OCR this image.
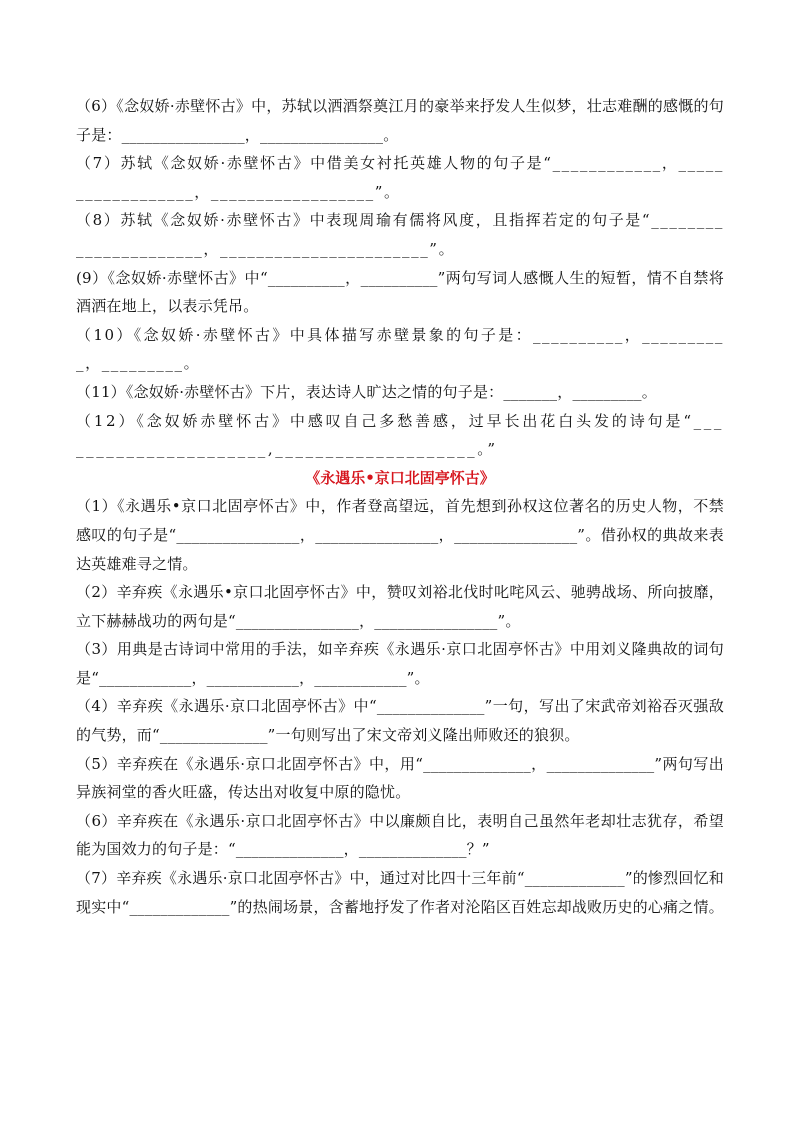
（6）《念奴娇·赤壁怀古》中，苏轼以洒酒祭奠江月的豪举来抒发人生似梦，壮志难酬的感慨的句子是：________________，________________。

（7）苏轼《念奴娇·赤壁怀古》中借美女衬托英雄人物的句子是“____________，__________________，__________________”。

（8）苏轼《念奴娇·赤壁怀古》中表现周瑜有儒将风度，且指挥若定的句子是“______________________，_______________________”。

(9）《念奴娇·赤壁怀古》中“__________，__________”两句写词人感慨人生的短暂，情不自禁将酒洒在地上，以表示凭吊。

（10）《念奴娇·赤壁怀古》中具体描写赤壁景象的句子是：__________，__________，_________。

（11）《念奴娇·赤壁怀古》下片，表达诗人旷达之情的句子是：_______，_________。

（12）《念奴娇赤壁怀古》中感叹自己多愁善感，过早长出花白头发的诗句是“______________________,____________________。”

《永遇乐•京口北固亭怀古》

（1）《永遇乐•京口北固亭怀古》中，作者登高望远，首先想到孙权这位著名的历史人物，不禁感叹的句子是“________________，________________，________________”。借孙权的典故来表达英雄难寻之情。

（2）辛弃疾《永遇乐•京口北固亭怀古》中，赞叹刘裕北伐时叱咤风云、驰骋战场、所向披靡，立下赫赫战功的两句是“________________，________________”。

（3）用典是古诗词中常用的手法，如辛弃疾《永遇乐·京口北固亭怀古》中用刘义隆典故的词句是“____________，____________，____________”。

（4）辛弃疾《永遇乐·京口北固亭怀古》中“______________”一句，写出了宋武帝刘裕吞灭强敌的气势，而“______________”一句则写出了宋文帝刘义隆出师败还的狼狈。

（5）辛弃疾在《永遇乐·京口北固亭怀古》中，用“______________，______________”两句写出异族祠堂的香火旺盛，传达出对收复中原的隐忧。

（6）辛弃疾在《永遇乐·京口北固亭怀古》中以廉颇自比，表明自己虽然年老却壮志犹存，希望能为国效力的句子是：“______________，______________？”

（7）辛弃疾《永遇乐·京口北固亭怀古》中，通过对比四十三年前“_____________”的惨烈回忆和现实中“_____________”的热闹场景，含蓄地抒发了作者对沦陷区百姓忘却战败历史的心痛之情。
